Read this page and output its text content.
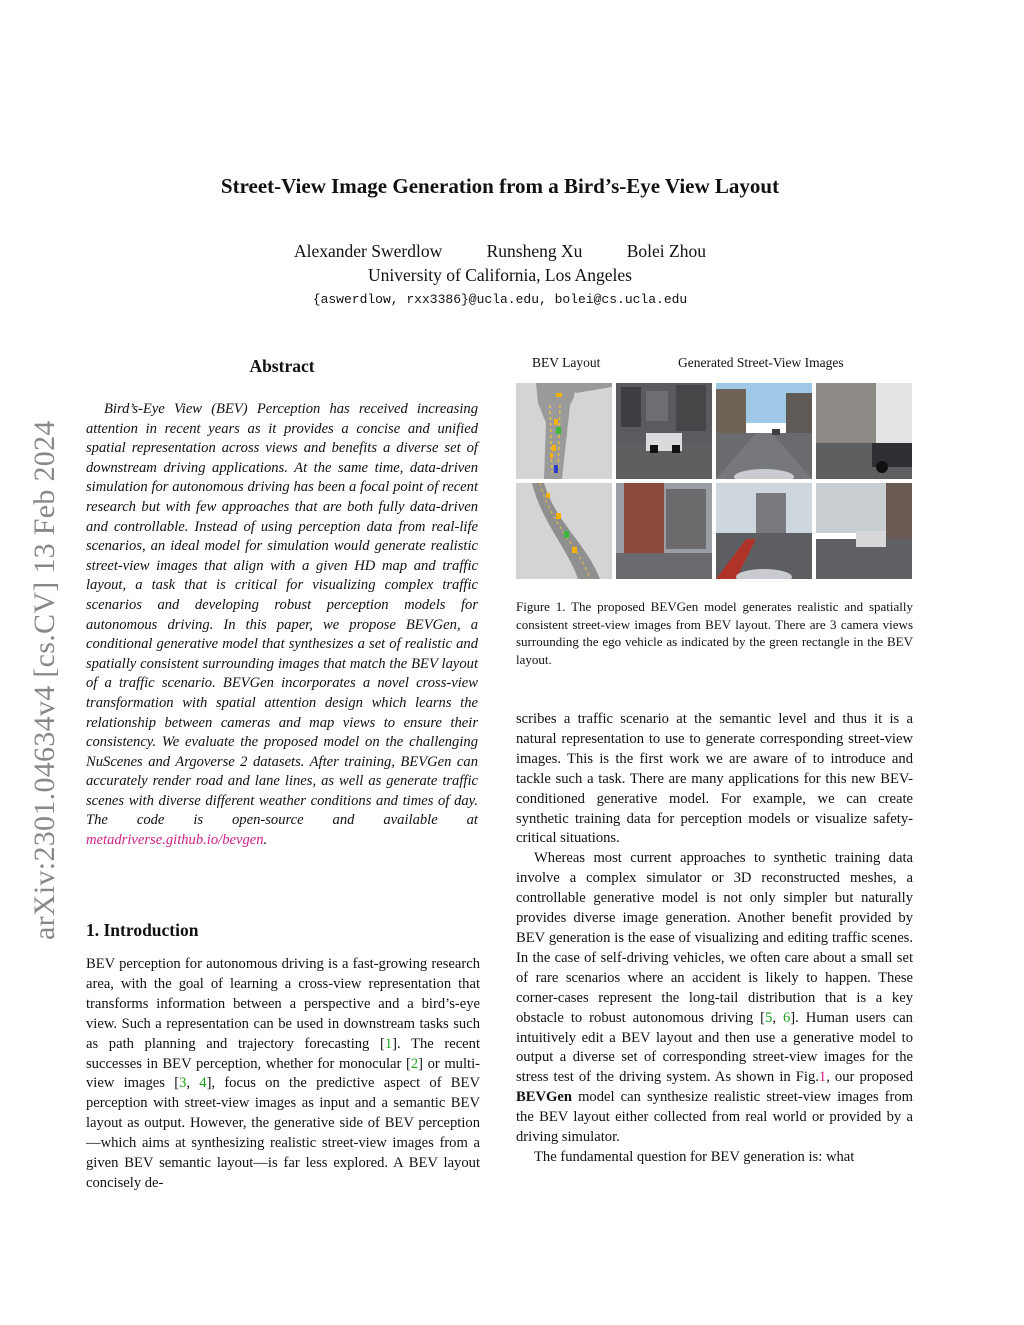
Street-View Image Generation from a Bird’s-Eye View Layout
Alexander Swerdlow	Runsheng Xu	Bolei Zhou
University of California, Los Angeles
{aswerdlow, rxx3386}@ucla.edu, bolei@cs.ucla.edu
arXiv:2301.04634v4 [cs.CV] 13 Feb 2024
Abstract
Bird’s-Eye View (BEV) Perception has received increasing attention in recent years as it provides a concise and unified spatial representation across views and benefits a diverse set of downstream driving applications. At the same time, data-driven simulation for autonomous driving has been a focal point of recent research but with few approaches that are both fully data-driven and controllable. Instead of using perception data from real-life scenarios, an ideal model for simulation would generate realistic street-view images that align with a given HD map and traffic layout, a task that is critical for visualizing complex traffic scenarios and developing robust perception models for autonomous driving. In this paper, we propose BEVGen, a conditional generative model that synthesizes a set of realistic and spatially consistent surrounding images that match the BEV layout of a traffic scenario. BEVGen incorporates a novel cross-view transformation with spatial attention design which learns the relationship between cameras and map views to ensure their consistency. We evaluate the proposed model on the challenging NuScenes and Argoverse 2 datasets. After training, BEVGen can accurately render road and lane lines, as well as generate traffic scenes with diverse different weather conditions and times of day. The code is open-source and available at metadriverse.github.io/bevgen.
1. Introduction
BEV perception for autonomous driving is a fast-growing research area, with the goal of learning a cross-view representation that transforms information between a perspective and a bird’s-eye view. Such a representation can be used in downstream tasks such as path planning and trajectory forecasting [1]. The recent successes in BEV perception, whether for monocular [2] or multi-view images [3, 4], focus on the predictive aspect of BEV perception with street-view images as input and a semantic BEV layout as output. However, the generative side of BEV perception—which aims at synthesizing realistic street-view images from a given BEV semantic layout—is far less explored. A BEV layout concisely de-
BEV Layout	Generated Street-View Images
Figure 1. The proposed BEVGen model generates realistic and spatially consistent street-view images from BEV layout. There are 3 camera views surrounding the ego vehicle as indicated by the green rectangle in the BEV layout.

scribes a traffic scenario at the semantic level and thus it is a natural representation to use to generate corresponding street-view images. This is the first work we are aware of to introduce and tackle such a task. There are many applications for this new BEV-conditioned generative model. For example, we can create synthetic training data for perception models or visualize safety-critical situations.

Whereas most current approaches to synthetic training data involve a complex simulator or 3D reconstructed meshes, a controllable generative model is not only simpler but naturally provides diverse image generation. Another benefit provided by BEV generation is the ease of visualizing and editing traffic scenes. In the case of self-driving vehicles, we often care about a small set of rare scenarios where an accident is likely to happen. These corner-cases represent the long-tail distribution that is a key obstacle to robust autonomous driving [5, 6]. Human users can intuitively edit a BEV layout and then use a generative model to output a diverse set of corresponding street-view images for the stress test of the driving system. As shown in Fig.1, our proposed BEVGen model can synthesize realistic street-view images from the BEV layout either collected from real world or provided by a driving simulator.

The fundamental question for BEV generation is: what
